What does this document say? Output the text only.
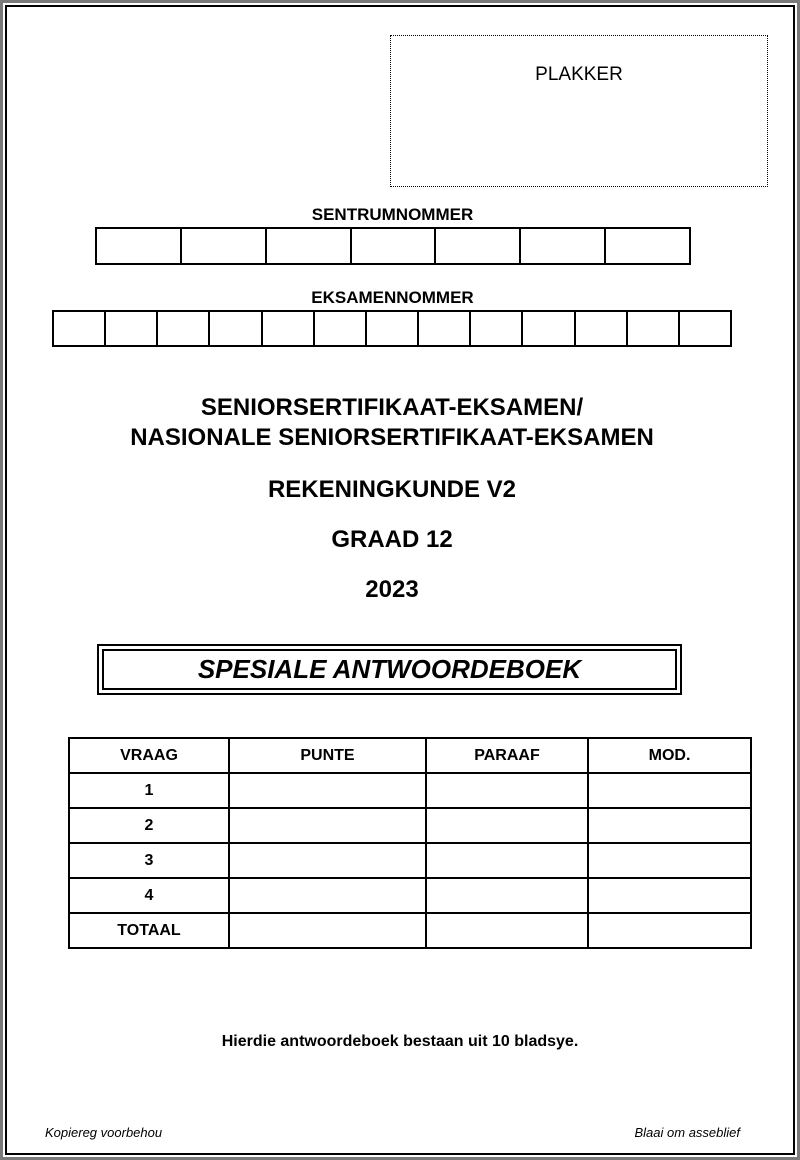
PLAKKER
SENTRUMNOMMER
EKSAMENNOMMER
SENIORSERTIFIKAAT-EKSAMEN/
NASIONALE SENIORSERTIFIKAAT-EKSAMEN
REKENINGKUNDE V2
GRAAD 12
2023
SPESIALE ANTWOORDEBOEK
VRAAG	PUNTE	PARAAF	MOD.
1			
2			
3			
4			
TOTAAL			
Hierdie antwoordeboek bestaan uit 10 bladsye.
Kopiereg voorbehou	Blaai om asseblief
